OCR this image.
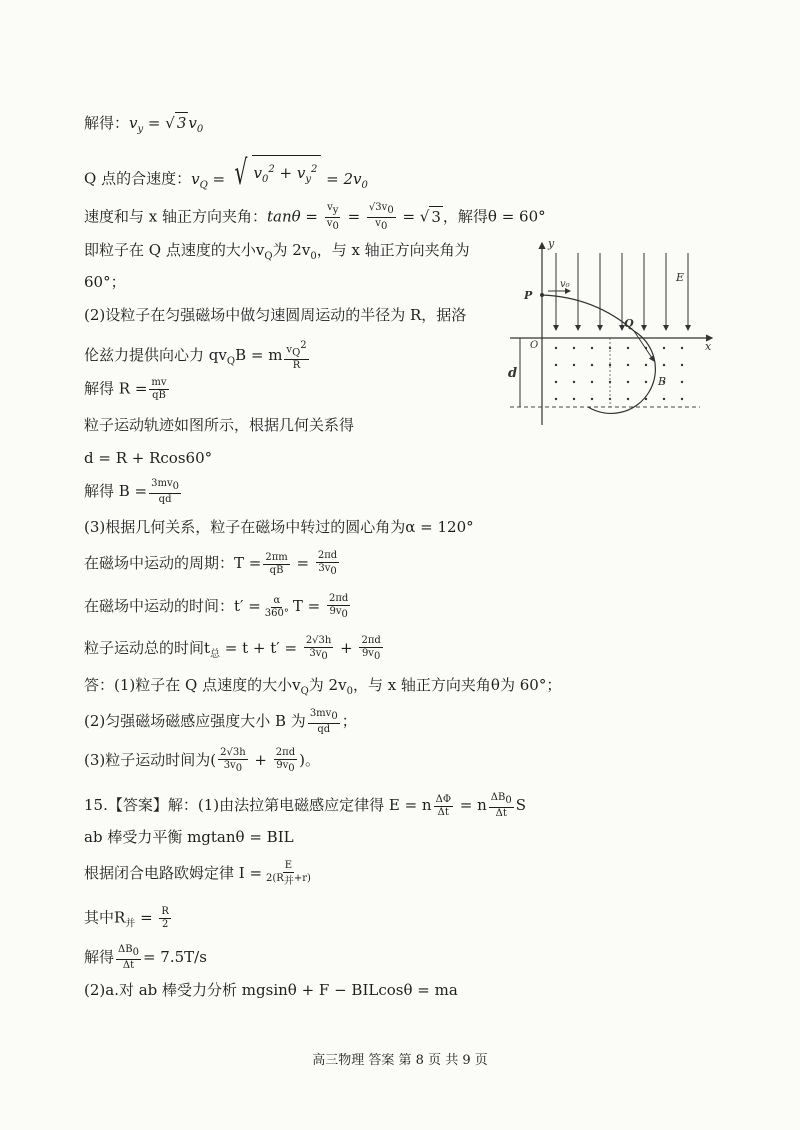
解得：$v_y$ = √ 3 $v_0$
Q 点的合速度：$v_Q$ = √ $v_0^2 + v_y^2 = 2v_0$
速度和与 x 轴正方向夹角：$\tan\theta = \frac{v_y}{v_0} = \frac{√3v_0}{v_0}$ = √ 3 ，解得θ = 60°
即粒子在 Q 点速度的大小$v_Q$为 $2v_0$，与 x 轴正方向夹角为
60°；
(2)设粒子在匀强磁场中做匀速圆周运动的半径为 R，据洛
伦兹力提供向心力 $qv_QB = m \frac{v_Q^2}{R}$
解得 $R = \frac{mv}{qB}$
粒子运动轨迹如图所示，根据几何关系得
d = R + Rcos60°
解得 $B = \frac{3mv_0}{qd}$
(3)根据几何关系，粒子在磁场中转过的圆心角为α = 120°
在磁场中运动的周期：$T = \frac{2\pi m}{qB} = \frac{2\pi d}{3v_0}$
在磁场中运动的时间：$t' = \frac{\alpha}{360^\circ}$ $T = \frac{2\pi d}{9v_0}$
粒子运动总的时间$t_总 = t + t' = \frac{2√3h}{3v_0} + \frac{2\pi d}{9v_0}$
答：(1)粒子在 Q 点速度的大小$v_Q$为 $2v_0$，与 x 轴正方向夹角θ为 60°；
(2)匀强磁场磁感应强度大小 B 为 $\frac{3mv_0}{qd}$ ；
(3)粒子运动时间为( $\frac{2√3h}{3v_0} + \frac{2\pi d}{9v_0}$ )。
15.【答案】解：(1)由法拉第电磁感应定律得 E = n $\frac{\Delta\Phi}{\Delta t} = n \frac{\Delta B_0}{\Delta t}$ S
ab 棒受力平衡 mgtanθ = BIL
根据闭合电路欧姆定律 $I = \frac{E}{2(R_并+r)}$
其中$R_并 = \frac{R}{2}$
解得 $\frac{\Delta B_0}{\Delta t} = 7.5T/s$
(2)a.对 ab 棒受力分析 mgsinθ + F − BILcosθ = ma
y
x
O
E
B
P
v₀
Q
d
高三物理 答案 第 8 页 共 9 页
